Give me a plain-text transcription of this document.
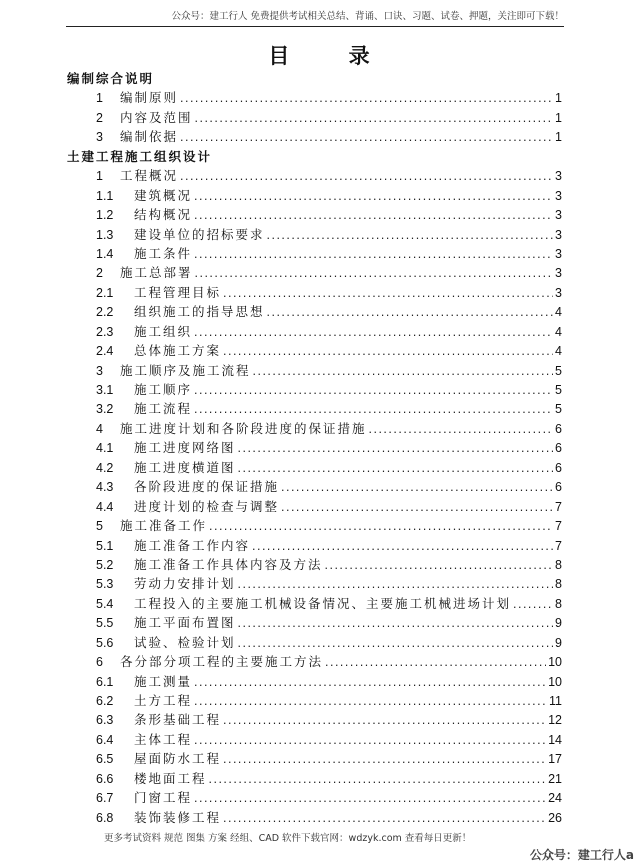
公众号：建工行人 免费提供考试相关总结、背诵、口诀、习题、试卷、押题，关注即可下载！
目 录
编制综合说明
1	编制原则 .....	1
2	内容及范围 .....	1
3	编制依据 .....	1
土建工程施工组织设计
1	工程概况 .....	3
1.1	建筑概况 .....	3
1.2	结构概况 .....	3
1.3	建设单位的招标要求 .....	3
1.4	施工条件 .....	3
2	施工总部署 .....	3
2.1	工程管理目标 .....	3
2.2	组织施工的指导思想 .....	4
2.3	施工组织 .....	4
2.4	总体施工方案 .....	4
3	施工顺序及施工流程 .....	5
3.1	施工顺序 .....	5
3.2	施工流程 .....	5
4	施工进度计划和各阶段进度的保证措施 .....	6
4.1	施工进度网络图 .....	6
4.2	施工进度横道图 .....	6
4.3	各阶段进度的保证措施 .....	6
4.4	进度计划的检查与调整 .....	7
5	施工准备工作 .....	7
5.1	施工准备工作内容 .....	7
5.2	施工准备工作具体内容及方法 .....	8
5.3	劳动力安排计划 .....	8
5.4	工程投入的主要施工机械设备情况、主要施工机械进场计划 .....	8
5.5	施工平面布置图 .....	9
5.6	试验、检验计划 .....	9
6	各分部分项工程的主要施工方法 .....	10
6.1	施工测量 .....	10
6.2	土方工程 .....	11
6.3	条形基础工程 .....	12
6.4	主体工程 .....	14
6.5	屋面防水工程 .....	17
6.6	楼地面工程 .....	21
6.7	门窗工程 .....	24
6.8	装饰装修工程 .....	26
更多考试资料 规范 图集 方案 经组、CAD 软件下载官网：wdzyk.com 查看每日更新！
公众号：建工行人a
